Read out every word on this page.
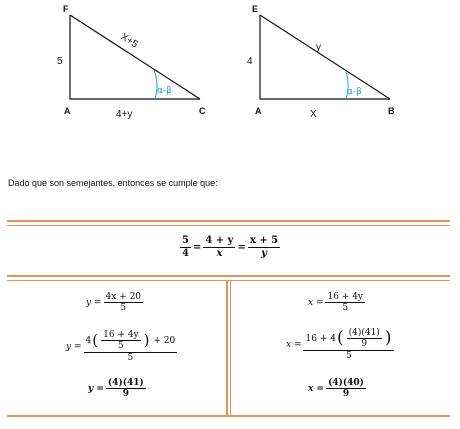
F
A	C
5
4+y
X+5
α-β
E
A	B
4
X
y
α-β
Dado que son semejantes, entonces se cumple que:
$\frac{5}{4} = \frac{4 + y}{x} = \frac{x + 5}{y}$
$y = \frac{4x + 20}{5}$
y = 4 ( $\frac{16 + 4y}{5}$ )
+ 20
5
$y = \frac{(4)(41)}{9}$
$x = \frac{16 + 4y}{5}$
$x = \frac{16 + 4 ( \frac{(4)(41)}{9} )}{5}$
$x = \frac{(4)(40)}{9}$
